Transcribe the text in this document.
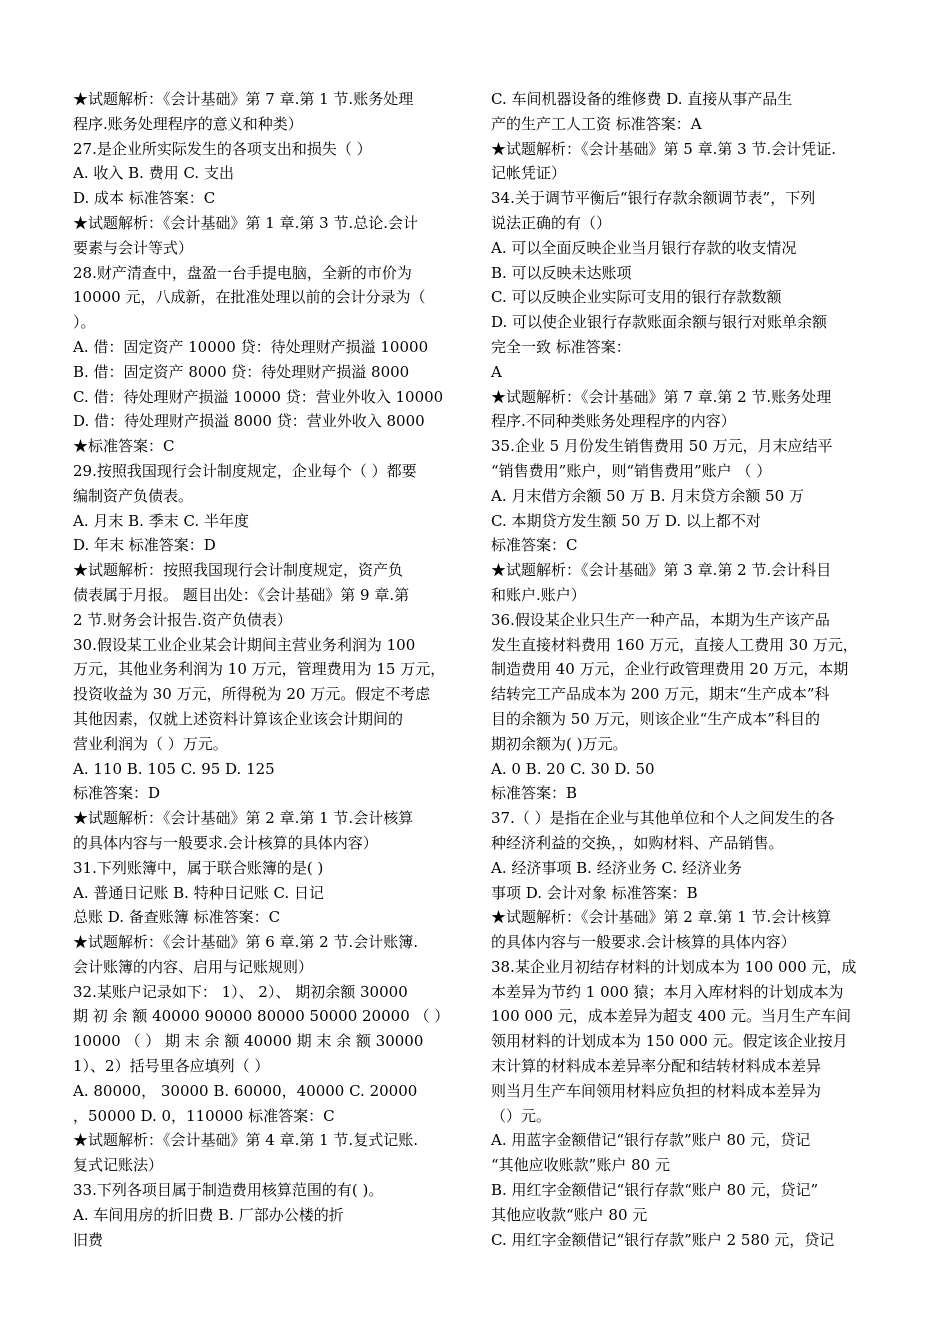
★试题解析：《会计基础》第 7 章.第 1 节.账务处理
程序.账务处理程序的意义和种类）
27.是企业所实际发生的各项支出和损失（ ）
A. 收入 B. 费用 C. 支出
D. 成本 标准答案：C
★试题解析：《会计基础》第 1 章.第 3 节.总论.会计
要素与会计等式）
28.财产清查中，盘盈一台手提电脑，全新的市价为
10000 元，八成新，在批准处理以前的会计分录为（
）。
A. 借：固定资产 10000 贷：待处理财产损溢 10000
B. 借：固定资产 8000 贷：待处理财产损溢 8000
C. 借：待处理财产损溢 10000 贷：营业外收入 10000
D. 借：待处理财产损溢 8000 贷：营业外收入 8000
★标准答案：C
29.按照我国现行会计制度规定，企业每个（ ）都要
编制资产负债表。
A. 月末 B. 季末 C. 半年度
D. 年末 标准答案：D
★试题解析：按照我国现行会计制度规定，资产负
债表属于月报。 题目出处：《会计基础》第 9 章.第
2 节.财务会计报告.资产负债表）
30.假设某工业企业某会计期间主营业务利润为 100
万元，其他业务利润为 10 万元，管理费用为 15 万元，
投资收益为 30 万元，所得税为 20 万元。假定不考虑
其他因素，仅就上述资料计算该企业该会计期间的
营业利润为（ ）万元。
A. 110 B. 105 C. 95 D. 125
标准答案：D
★试题解析：《会计基础》第 2 章.第 1 节.会计核算
的具体内容与一般要求.会计核算的具体内容）
31.下列账簿中，属于联合账簿的是( )
A. 普通日记账 B. 特种日记账 C. 日记
总账 D. 备查账簿 标准答案：C
★试题解析：《会计基础》第 6 章.第 2 节.会计账簿.
会计账簿的内容、启用与记账规则）
32.某账户记录如下： 1）、 2）、 期初余额 30000
期 初 余 额 40000 90000 80000 50000 20000 （ ）
10000 （ ） 期 末 余 额 40000 期 末 余 额 30000
1）、2）括号里各应填列（ ）
A. 80000， 30000 B. 60000，40000 C. 20000
，50000 D. 0，110000 标准答案：C
★试题解析：《会计基础》第 4 章.第 1 节.复式记账.
复式记账法）
33.下列各项目属于制造费用核算范围的有( )。
A. 车间用房的折旧费 B. 厂部办公楼的折
旧费
C. 车间机器设备的维修费 D. 直接从事产品生
产的生产工人工资 标准答案：A
★试题解析：《会计基础》第 5 章.第 3 节.会计凭证.
记帐凭证）
34.关于调节平衡后“银行存款余额调节表”，下列
说法正确的有（）
A. 可以全面反映企业当月银行存款的收支情况
B. 可以反映未达账项
C. 可以反映企业实际可支用的银行存款数额
D. 可以使企业银行存款账面余额与银行对账单余额
完全一致 标准答案：
A
★试题解析：《会计基础》第 7 章.第 2 节.账务处理
程序.不同种类账务处理程序的内容）
35.企业 5 月份发生销售费用 50 万元，月末应结平
“销售费用”账户，则“销售费用”账户 （ ）
A. 月末借方余额 50 万 B. 月末贷方余额 50 万
C. 本期贷方发生额 50 万 D. 以上都不对
标准答案：C
★试题解析：《会计基础》第 3 章.第 2 节.会计科目
和账户.账户）
36.假设某企业只生产一种产品，本期为生产该产品
发生直接材料费用 160 万元，直接人工费用 30 万元，
制造费用 40 万元，企业行政管理费用 20 万元，本期
结转完工产品成本为 200 万元，期末“生产成本”科
目的余额为 50 万元，则该企业“生产成本”科目的
期初余额为( )万元。
A. 0 B. 20 C. 30 D. 50
标准答案：B
37.（ ）是指在企业与其他单位和个人之间发生的各
种经济利益的交换，，如购材料、产品销售。
A. 经济事项 B. 经济业务 C. 经济业务
事项 D. 会计对象 标准答案：B
★试题解析：《会计基础》第 2 章.第 1 节.会计核算
的具体内容与一般要求.会计核算的具体内容）
38.某企业月初结存材料的计划成本为 100 000 元，成
本差异为节约 1 000 猿；本月入库材料的计划成本为
100 000 元，成本差异为超支 400 元。当月生产车间
领用材料的计划成本为 150 000 元。假定该企业按月
末计算的材料成本差异率分配和结转材料成本差异
则当月生产车间领用材料应负担的材料成本差异为
（）元。
A. 用蓝字金额借记“银行存款”账户 80 元，贷记
“其他应收账款”账户 80 元
B. 用红字金额借记“银行存款“账户 80 元，贷记”
其他应收款“账户 80 元
C. 用红字金额借记“银行存款”账户 2 580 元，贷记
